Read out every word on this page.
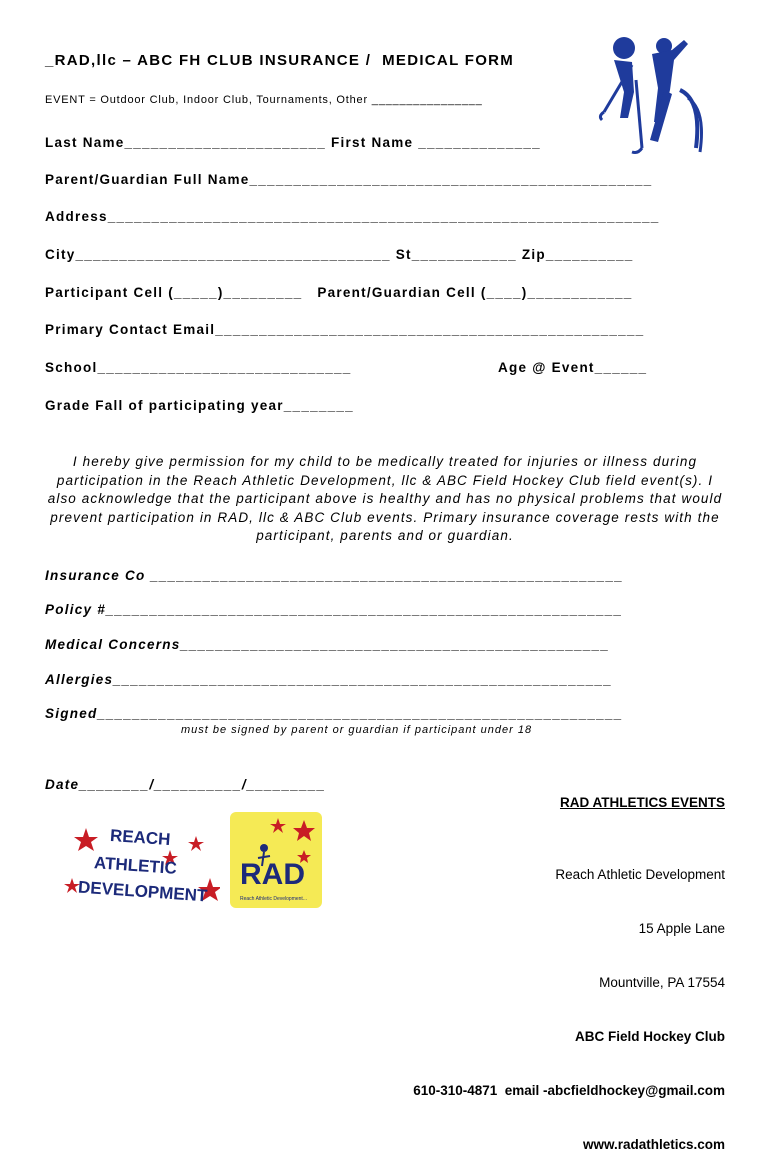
_RAD,llc – ABC FH CLUB INSURANCE /  MEDICAL FORM
EVENT = Outdoor Club, Indoor Club, Tournaments, Other ________________
Last Name_______________________ First Name ______________
Parent/Guardian Full Name______________________________________________
Address_______________________________________________________________
City____________________________________ St____________ Zip__________
Participant Cell (_____)_________   Parent/Guardian Cell (____)____________
Primary Contact Email_________________________________________________
School_____________________________	Age @ Event______
Grade Fall of participating year________
I hereby give permission for my child to be medically treated for injuries or illness during participation in the Reach Athletic Development, llc & ABC Field Hockey Club field event(s). I also acknowledge that the participant above is healthy and has no physical problems that would prevent participation in RAD, llc & ABC Club events. Primary insurance coverage rests with the participant, parents and or guardian.
Insurance Co ______________________________________________________
Policy #___________________________________________________________
Medical Concerns_________________________________________________
Allergies_________________________________________________________
Signed____________________________________________________________
must be signed by parent or guardian if participant under 18
Date________/__________/_________
RAD ATHLETICS EVENTS

Reach Athletic Development

15 Apple Lane

Mountville, PA 17554

ABC Field Hockey Club

610-310-4871  email -abcfieldhockey@gmail.com

www.radathletics.com

REACH

ATHLETIC

DEVELOPMENT

RAD

Reach Athletic Development...
